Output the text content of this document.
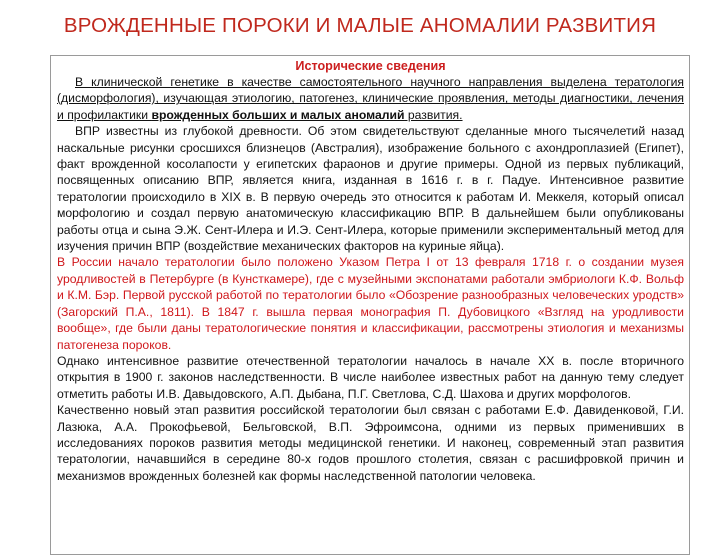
ВРОЖДЕННЫЕ ПОРОКИ И МАЛЫЕ АНОМАЛИИ РАЗВИТИЯ
Исторические сведения

В клинической генетике в качестве самостоятельного научного направления выделена тератология (дисморфология), изучающая этиологию, патогенез, клинические проявления, методы диагностики, лечения и профилактики врожденных больших и малых аномалий развития.

ВПР известны из глубокой древности. Об этом свидетельствуют сделанные много тысячелетий назад наскальные рисунки сросшихся близнецов (Австралия), изображение больного с ахондроплазией (Египет), факт врожденной косолапости у египетских фараонов и другие примеры. Одной из первых публикаций, посвященных описанию ВПР, является книга, изданная в 1616 г. в г. Падуе. Интенсивное развитие тератологии происходило в XIX в. В первую очередь это относится к работам И. Меккеля, который описал морфологию и создал первую анатомическую классификацию ВПР. В дальнейшем были опубликованы работы отца и сына Э.Ж. Сент-Илера и И.Э. Сент-Илера, которые применили экспериментальный метод для изучения причин ВПР (воздействие механических факторов на куриные яйца).

В России начало тератологии было положено Указом Петра I от 13 февраля 1718 г. о создании музея уродливостей в Петербурге (в Кунсткамере), где с музейными экспонатами работали эмбриологи К.Ф. Вольф и К.М. Бэр. Первой русской работой по тератологии было «Обозрение разнообразных человеческих уродств» (Загорский П.А., 1811). В 1847 г. вышла первая монография П. Дубовицкого «Взгляд на уродливости вообще», где были даны тератологические понятия и классификации, рассмотрены этиология и механизмы патогенеза пороков.

Однако интенсивное развитие отечественной тератологии началось в начале XX в. после вторичного открытия в 1900 г. законов наследственности. В числе наиболее известных работ на данную тему следует отметить работы И.В. Давыдовского, А.П. Дыбана, П.Г. Светлова, С.Д. Шахова и других морфологов.

Качественно новый этап развития российской тератологии был связан с работами Е.Ф. Давиденковой, Г.И. Лазюка, А.А. Прокофьевой, Бельговской, В.П. Эфроимсона, одними из первых применивших в исследованиях пороков развития методы медицинской генетики. И наконец, современный этап развития тератологии, начавшийся в середине 80-х годов прошлого столетия, связан с расшифровкой причин и механизмов врожденных болезней как формы наследственной патологии человека.
